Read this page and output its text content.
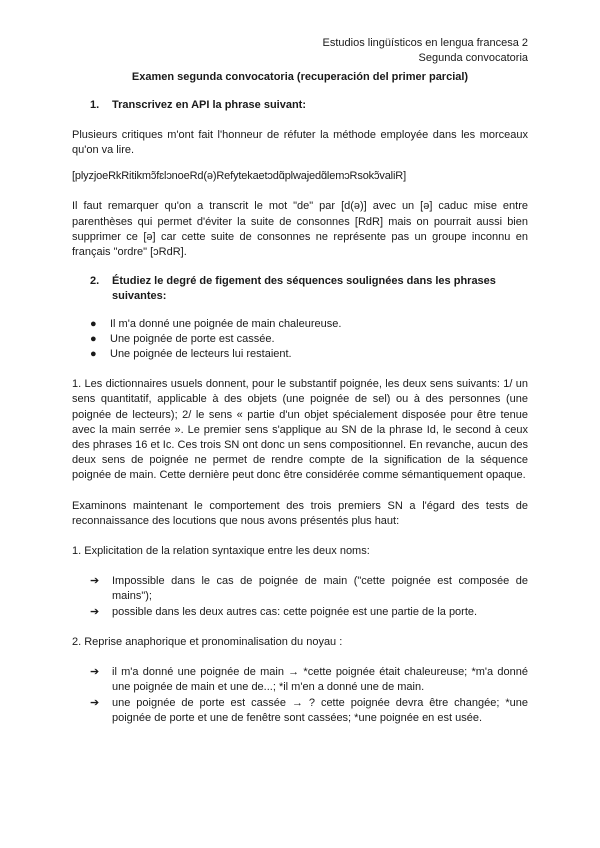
Estudios lingüísticos en lengua francesa 2
Segunda convocatoria
Examen segunda convocatoria (recuperación del primer parcial)
1.	Transcrivez en API la phrase suivant:

Plusieurs critiques m'ont fait l'honneur de réfuter la méthode employée dans les morceaux qu'on va lire.

[plyzjoeRkRitikmɔ̃fɛlɔnoeRd(ə)Refytekaetɔdɑ̃plwajedɑ̃lemɔRsokɔ̃valiR]

Il faut remarquer qu'on a transcrit le mot "de" par [d(ə)] avec un [ə] caduc mise entre parenthèses qui permet d'éviter la suite de consonnes [RdR] mais on pourrait aussi bien supprimer ce [ə] car cette suite de consonnes ne représente pas un groupe inconnu en français "ordre" [ɔRdR].

2.	Étudiez le degré de figement des séquences soulignées dans les phrases suivantes:
●	Il m'a donné une poignée de main chaleureuse.
●	Une poignée de porte est cassée.
●	Une poignée de lecteurs lui restaient.

1. Les dictionnaires usuels donnent, pour le substantif poignée, les deux sens suivants: 1/ un sens quantitatif, applicable à des objets (une poignée de sel) ou à des personnes (une poignée de lecteurs); 2/ le sens « partie d'un objet spécialement disposée pour être tenue avec la main serrée ». Le premier sens s'applique au SN de la phrase Id, le second à ceux des phrases 16 et Ic. Ces trois SN ont donc un sens compositionnel. En revanche, aucun des deux sens de poignée ne permet de rendre compte de la signification de la séquence poignée de main. Cette dernière peut donc être considérée comme sémantiquement opaque.

Examinons maintenant le comportement des trois premiers SN a l'égard des tests de reconnaissance des locutions que nous avons présentés plus haut:

1. Explicitation de la relation syntaxique entre les deux noms:

➔	Impossible dans le cas de poignée de main ("cette poignée est composée de mains");
➔	possible dans les deux autres cas: cette poignée est une partie de la porte.

2. Reprise anaphorique et pronominalisation du noyau :

➔	il m'a donné une poignée de main → *cette poignée était chaleureuse; *m'a donné une poignée de main et une de...; *il m'en a donné une de main.
➔	une poignée de porte est cassée → ? cette poignée devra être changée; *une poignée de porte et une de fenêtre sont cassées; *une poignée en est usée.
